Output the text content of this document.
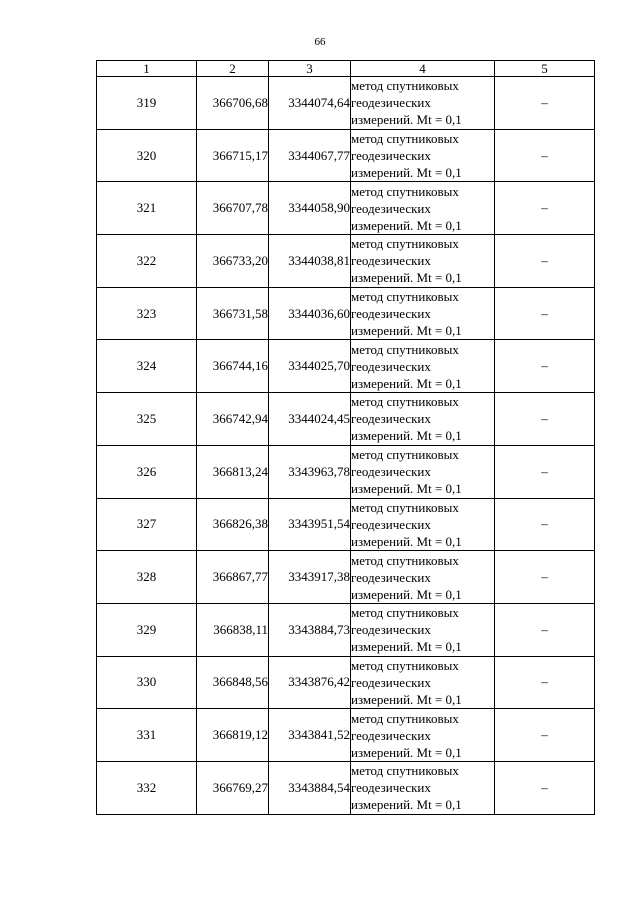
66
1	2	3	4	5
319	366706,68	3344074,64	метод спутниковых
геодезических
измерений. Mt = 0,1	–
320	366715,17	3344067,77	метод спутниковых
геодезических
измерений. Mt = 0,1	–
321	366707,78	3344058,90	метод спутниковых
геодезических
измерений. Mt = 0,1	–
322	366733,20	3344038,81	метод спутниковых
геодезических
измерений. Mt = 0,1	–
323	366731,58	3344036,60	метод спутниковых
геодезических
измерений. Mt = 0,1	–
324	366744,16	3344025,70	метод спутниковых
геодезических
измерений. Mt = 0,1	–
325	366742,94	3344024,45	метод спутниковых
геодезических
измерений. Mt = 0,1	–
326	366813,24	3343963,78	метод спутниковых
геодезических
измерений. Mt = 0,1	–
327	366826,38	3343951,54	метод спутниковых
геодезических
измерений. Mt = 0,1	–
328	366867,77	3343917,38	метод спутниковых
геодезических
измерений. Mt = 0,1	–
329	366838,11	3343884,73	метод спутниковых
геодезических
измерений. Mt = 0,1	–
330	366848,56	3343876,42	метод спутниковых
геодезических
измерений. Mt = 0,1	–
331	366819,12	3343841,52	метод спутниковых
геодезических
измерений. Mt = 0,1	–
332	366769,27	3343884,54	метод спутниковых
геодезических
измерений. Mt = 0,1	–
